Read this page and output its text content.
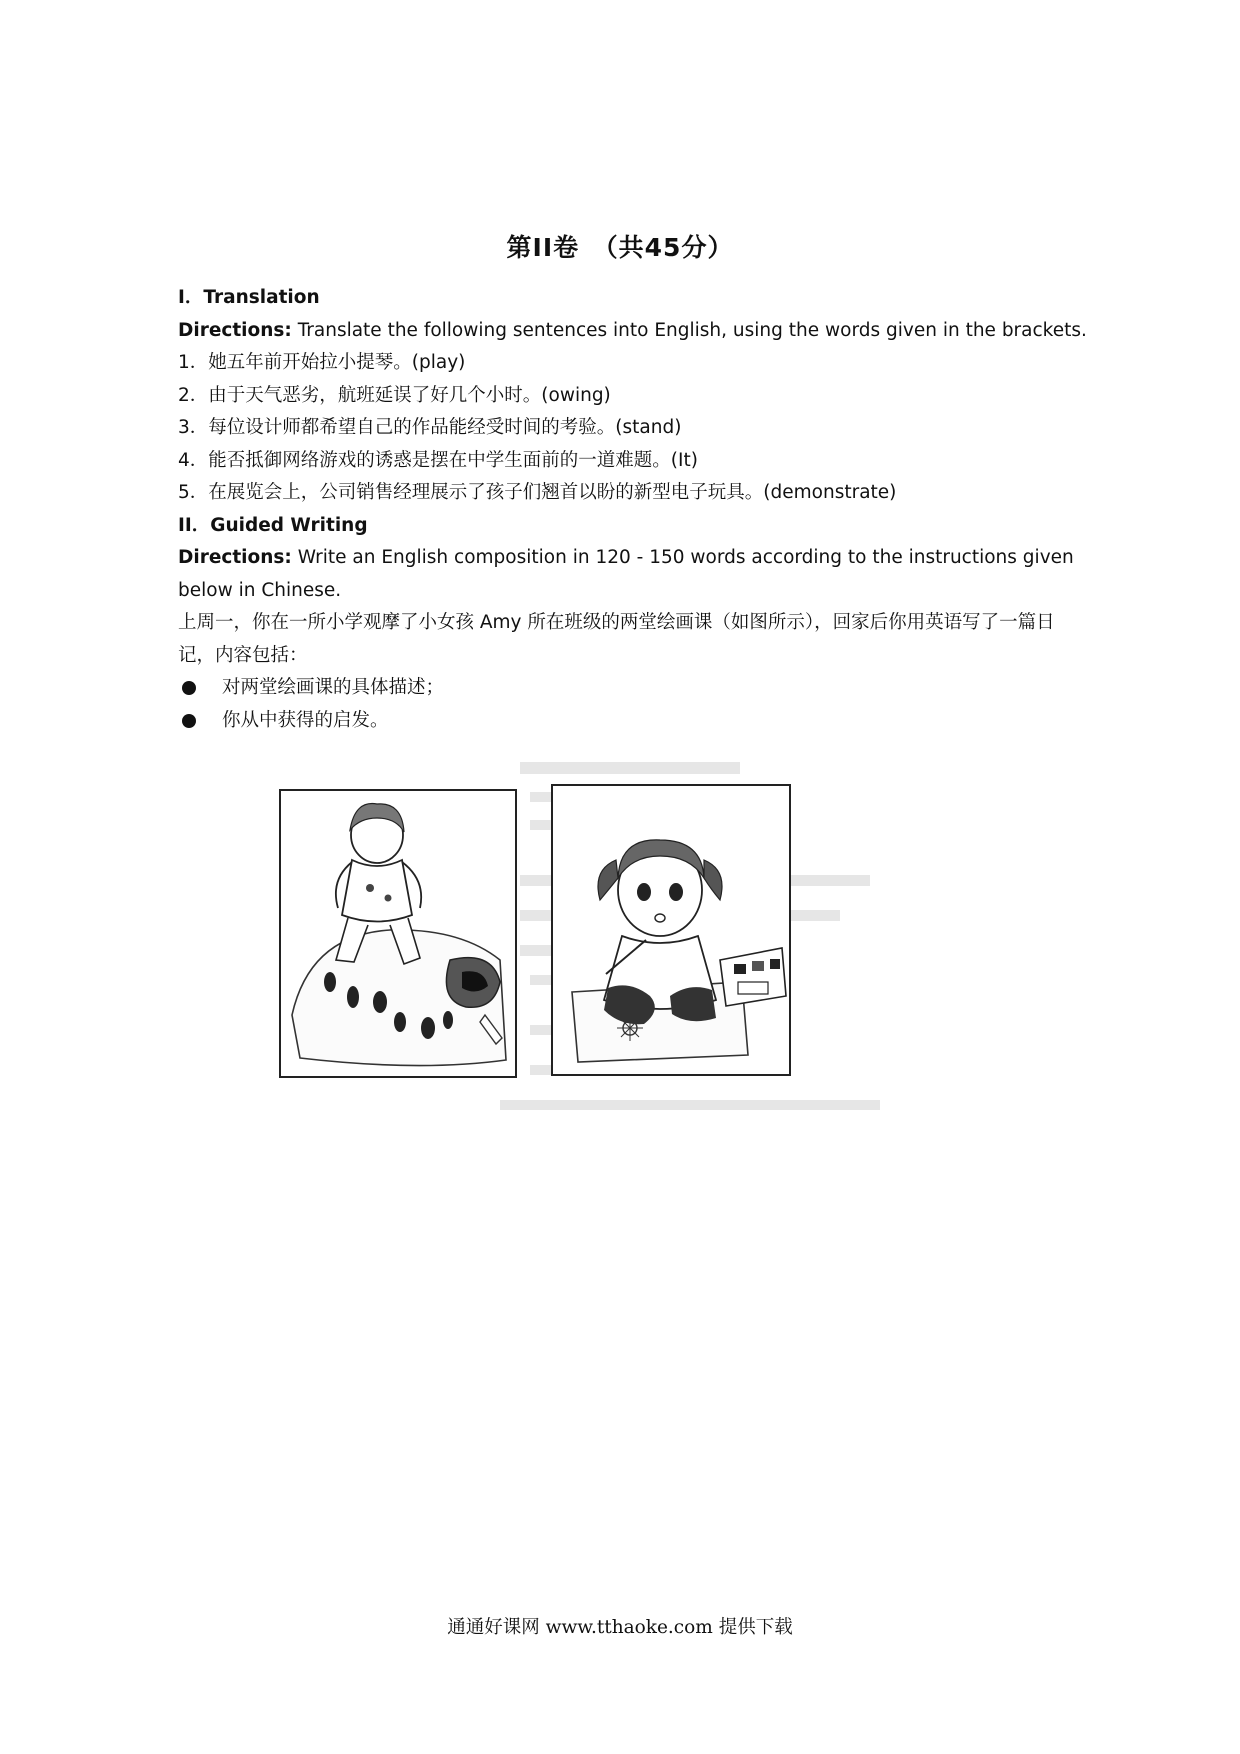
第II卷　（共45分）
I．Translation
Directions: Translate the following sentences into English, using the words given in the brackets.
1．她五年前开始拉小提琴。(play)
2．由于天气恶劣，航班延误了好几个小时。(owing)
3．每位设计师都希望自己的作品能经受时间的考验。(stand)
4．能否抵御网络游戏的诱惑是摆在中学生面前的一道难题。(It)
5．在展览会上，公司销售经理展示了孩子们翘首以盼的新型电子玩具。(demonstrate)
II．Guided Writing
Directions: Write an English composition in 120 - 150 words according to the instructions given below in Chinese.
上周一，你在一所小学观摩了小女孩 Amy 所在班级的两堂绘画课（如图所示），回家后你用英语写了一篇日记，内容包括：
对两堂绘画课的具体描述；
你从中获得的启发。
通通好课网 www.tthaoke.com 提供下载
